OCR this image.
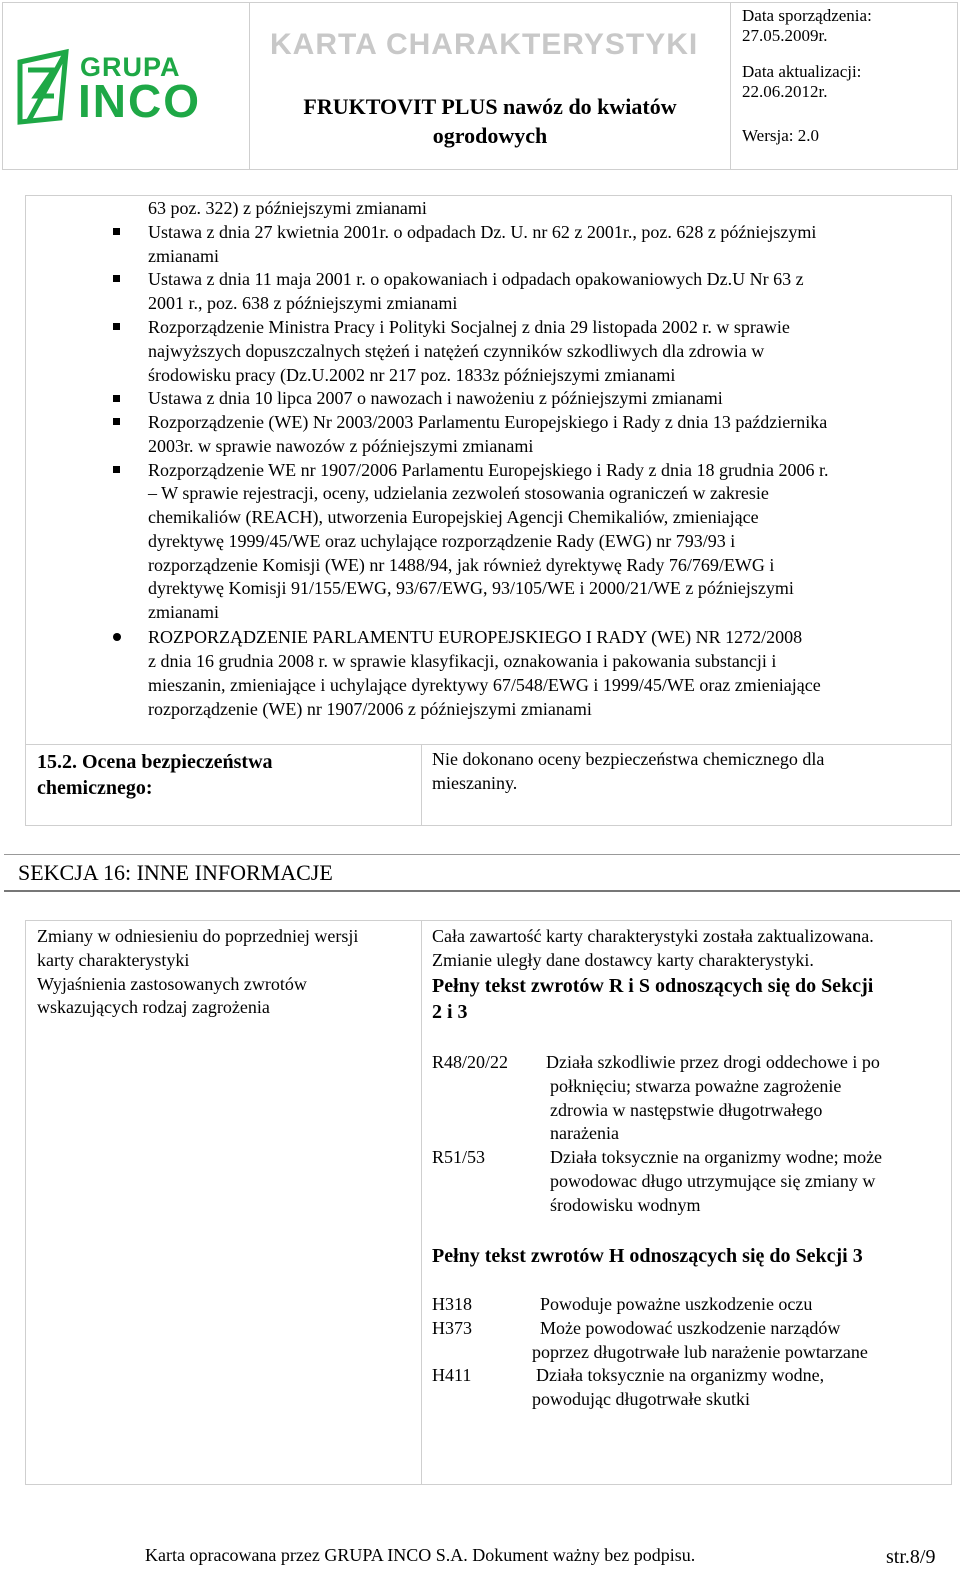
GRUPA
INCO
KARTA CHARAKTERYSTYKI
FRUKTOVIT PLUS nawóz do kwiatów
ogrodowych
Data sporządzenia:
27.05.2009r.
Data aktualizacji:
22.06.2012r.
Wersja: 2.0
63 poz. 322) z późniejszymi zmianami
Ustawa z dnia 27 kwietnia 2001r. o odpadach Dz. U. nr 62 z 2001r., poz. 628 z późniejszymi
zmianami
Ustawa z dnia 11 maja 2001 r. o opakowaniach i odpadach opakowaniowych Dz.U Nr 63 z
2001 r., poz. 638 z późniejszymi zmianami
Rozporządzenie Ministra Pracy i Polityki Socjalnej z dnia 29 listopada 2002 r. w sprawie
najwyższych dopuszczalnych stężeń i natężeń czynników szkodliwych dla zdrowia w
środowisku pracy (Dz.U.2002 nr 217 poz. 1833z późniejszymi zmianami
Ustawa z dnia 10 lipca 2007 o nawozach i nawożeniu z późniejszymi zmianami
Rozporządzenie (WE) Nr 2003/2003 Parlamentu Europejskiego i Rady z dnia 13 października
2003r. w sprawie nawozów z późniejszymi zmianami
Rozporządzenie WE nr 1907/2006 Parlamentu Europejskiego i Rady z dnia 18 grudnia 2006 r.
– W sprawie rejestracji, oceny, udzielania zezwoleń stosowania ograniczeń w zakresie
chemikaliów (REACH), utworzenia Europejskiej Agencji Chemikaliów, zmieniające
dyrektywę 1999/45/WE oraz uchylające rozporządzenie Rady (EWG) nr 793/93 i
rozporządzenie Komisji (WE) nr 1488/94, jak również dyrektywę Rady 76/769/EWG i
dyrektywę Komisji 91/155/EWG, 93/67/EWG, 93/105/WE i 2000/21/WE z późniejszymi
zmianami
ROZPORZĄDZENIE PARLAMENTU EUROPEJSKIEGO I RADY (WE) NR 1272/2008
z dnia 16 grudnia 2008 r. w sprawie klasyfikacji, oznakowania i pakowania substancji i
mieszanin, zmieniające i uchylające dyrektywy 67/548/EWG i 1999/45/WE oraz zmieniające
rozporządzenie (WE) nr 1907/2006 z późniejszymi zmianami
15.2. Ocena bezpieczeństwa
chemicznego:
Nie dokonano oceny bezpieczeństwa chemicznego dla
mieszaniny.
SEKCJA 16: INNE INFORMACJE
Zmiany w odniesieniu do poprzedniej wersji
karty charakterystyki
Wyjaśnienia zastosowanych zwrotów
wskazujących rodzaj zagrożenia
Cała zawartość karty charakterystyki została zaktualizowana.
Zmianie uległy dane dostawcy karty charakterystyki.
Pełny tekst zwrotów R i S odnoszących się do Sekcji
2 i 3
R48/20/22 Działa szkodliwie przez drogi oddechowe i po
połknięciu; stwarza poważne zagrożenie
zdrowia w następstwie długotrwałego
narażenia
R51/53	Działa toksycznie na organizmy wodne; może
powodowac długo utrzymujące się zmiany w
środowisku wodnym
Pełny tekst zwrotów H odnoszących się do Sekcji 3
H318	Powoduje poważne uszkodzenie oczu
H373	Może powodować uszkodzenie narządów
poprzez długotrwałe lub narażenie powtarzane
H411	Działa toksycznie na organizmy wodne,
powodując długotrwałe skutki
Karta opracowana przez GRUPA INCO S.A. Dokument ważny bez podpisu.	str.8/9
